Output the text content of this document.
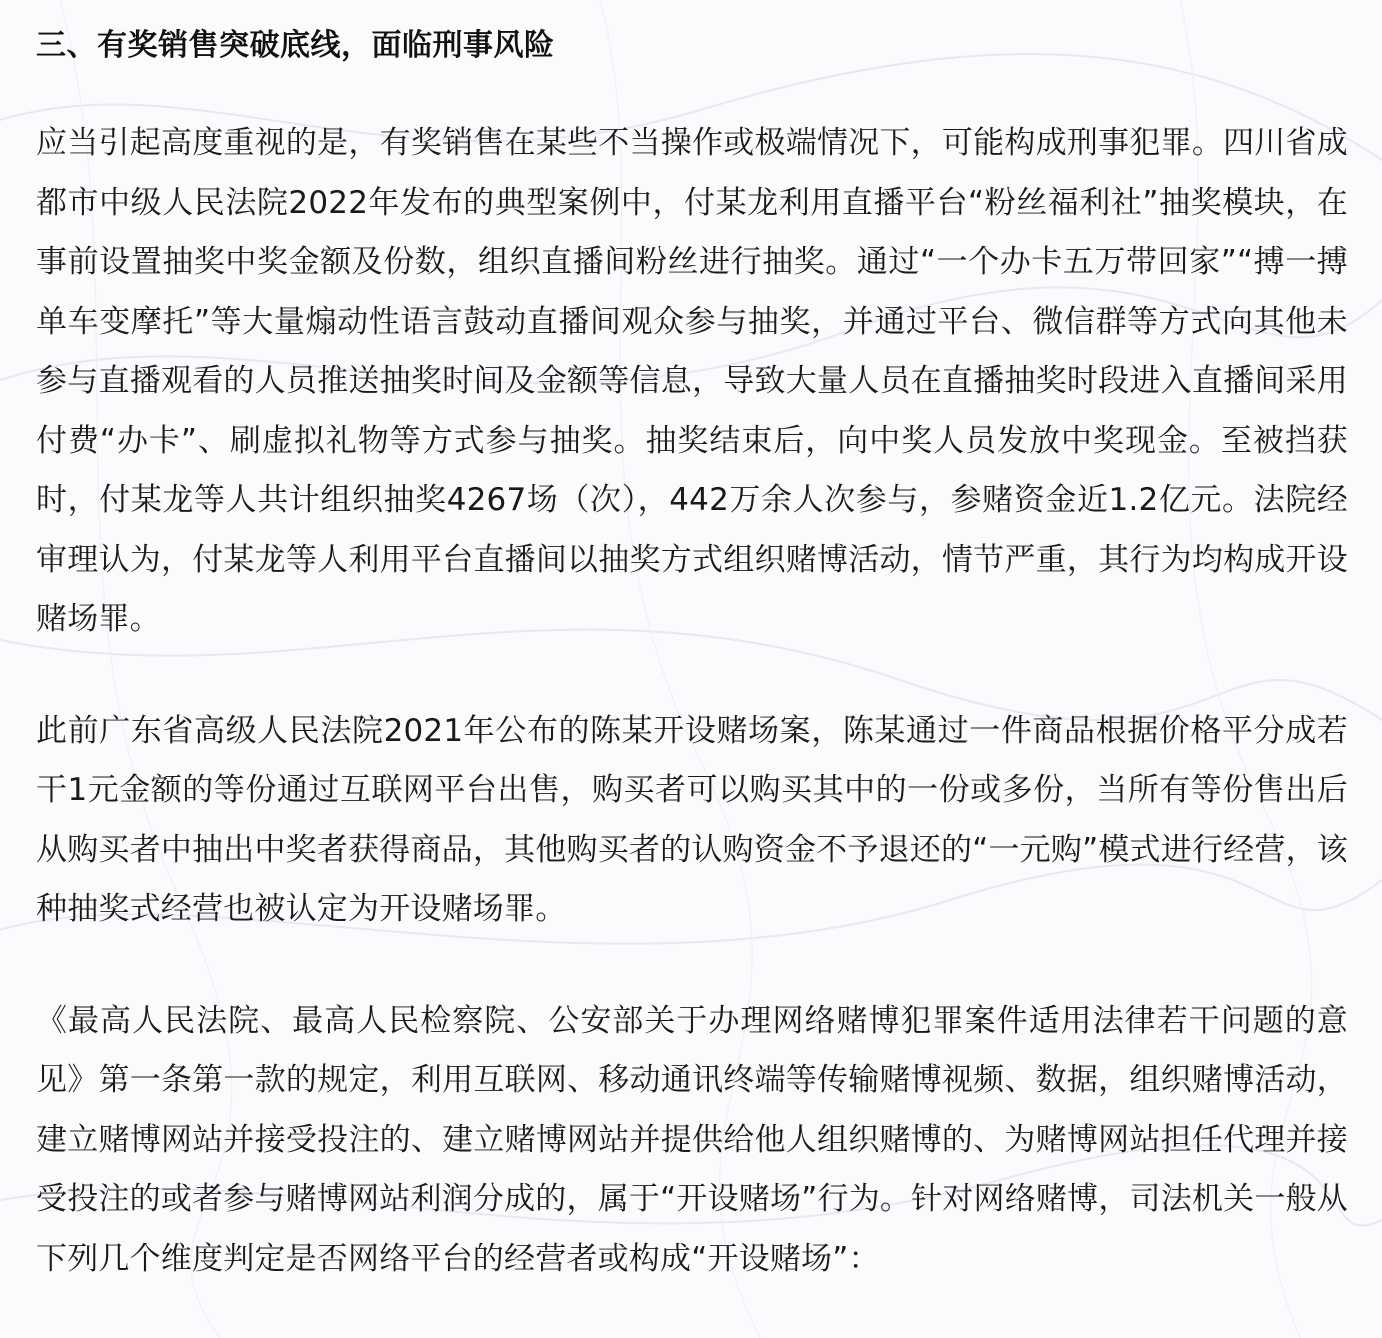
三、有奖销售突破底线，面临刑事风险

应当引起高度重视的是，有奖销售在某些不当操作或极端情况下，可能构成刑事犯罪。四川省成都市中级人民法院2022年发布的典型案例中，付某龙利用直播平台“粉丝福利社”抽奖模块，在事前设置抽奖中奖金额及份数，组织直播间粉丝进行抽奖。通过“一个办卡五万带回家”“搏一搏单车变摩托”等大量煽动性语言鼓动直播间观众参与抽奖，并通过平台、微信群等方式向其他未参与直播观看的人员推送抽奖时间及金额等信息，导致大量人员在直播抽奖时段进入直播间采用付费“办卡”、刷虚拟礼物等方式参与抽奖。抽奖结束后，向中奖人员发放中奖现金。至被挡获时，付某龙等人共计组织抽奖4267场（次），442万余人次参与，参赌资金近1.2亿元。法院经审理认为，付某龙等人利用平台直播间以抽奖方式组织赌博活动，情节严重，其行为均构成开设赌场罪。

此前广东省高级人民法院2021年公布的陈某开设赌场案，陈某通过一件商品根据价格平分成若干1元金额的等份通过互联网平台出售，购买者可以购买其中的一份或多份，当所有等份售出后从购买者中抽出中奖者获得商品，其他购买者的认购资金不予退还的“一元购”模式进行经营，该种抽奖式经营也被认定为开设赌场罪。

《最高人民法院、最高人民检察院、公安部关于办理网络赌博犯罪案件适用法律若干问题的意见》第一条第一款的规定，利用互联网、移动通讯终端等传输赌博视频、数据，组织赌博活动，建立赌博网站并接受投注的、建立赌博网站并提供给他人组织赌博的、为赌博网站担任代理并接受投注的或者参与赌博网站利润分成的，属于“开设赌场”行为。针对网络赌博，司法机关一般从下列几个维度判定是否网络平台的经营者或构成“开设赌场”：
